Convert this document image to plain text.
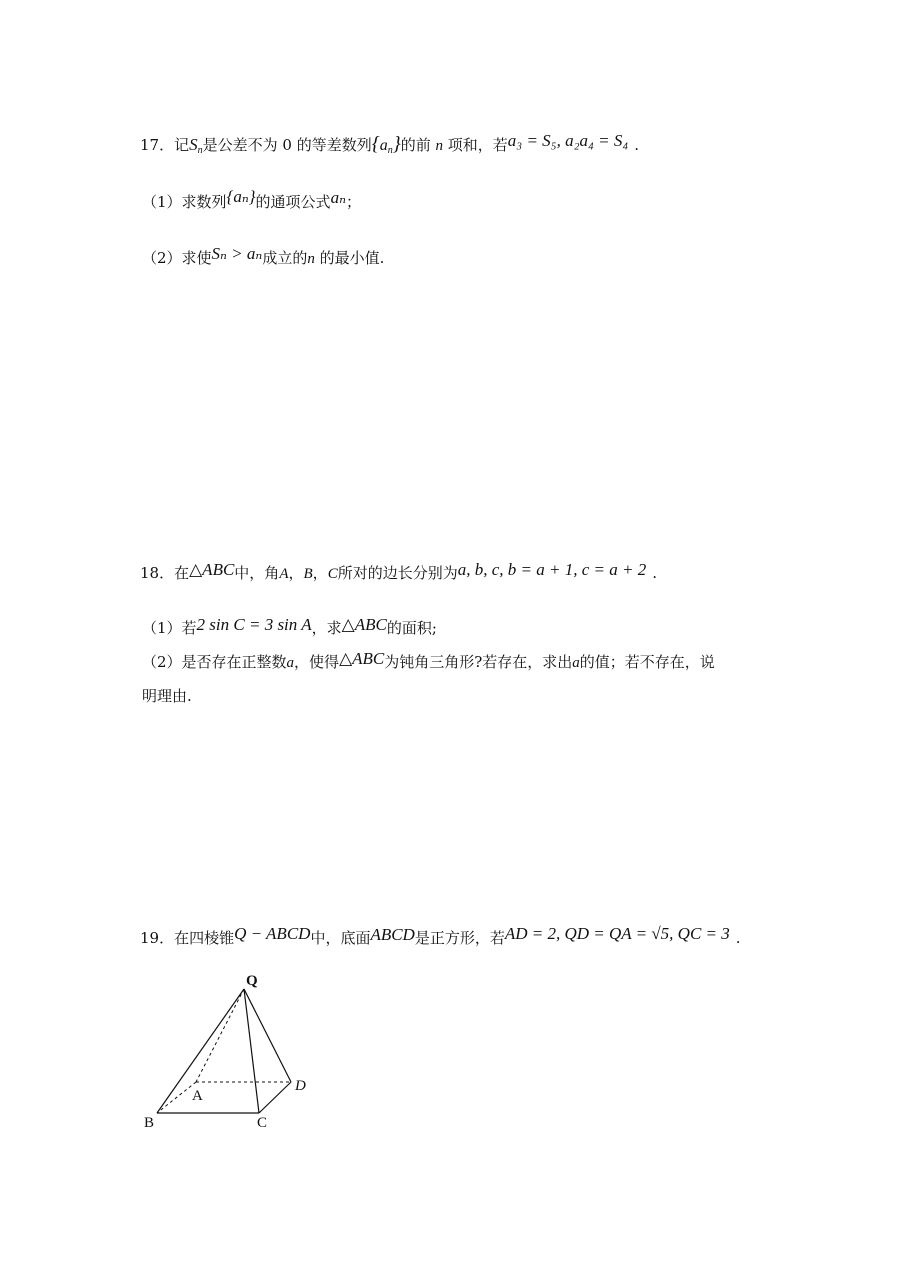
17．记$S_n$是公差不为 0 的等差数列$\{a_n\}$的前 n 项和，若a₃ = S₅, a₂a₄ = S₄ .
（1）求数列{aₙ}的通项公式aₙ；
（2）求使Sₙ > aₙ成立的n 的最小值.
18．在△ABC中，角A，B，C所对的边长分别为a, b, c, b = a + 1, c = a + 2 .
（1）若2 sin C = 3 sin A，求△ABC的面积;
（2）是否存在正整数a，使得△ABC为钝角三角形?若存在，求出a的值；若不存在，说
明理由.
19．在四棱锥Q − ABCD中，底面ABCD是正方形，若AD = 2, QD = QA = √5, QC = 3 .
Q
A
B	C
D
